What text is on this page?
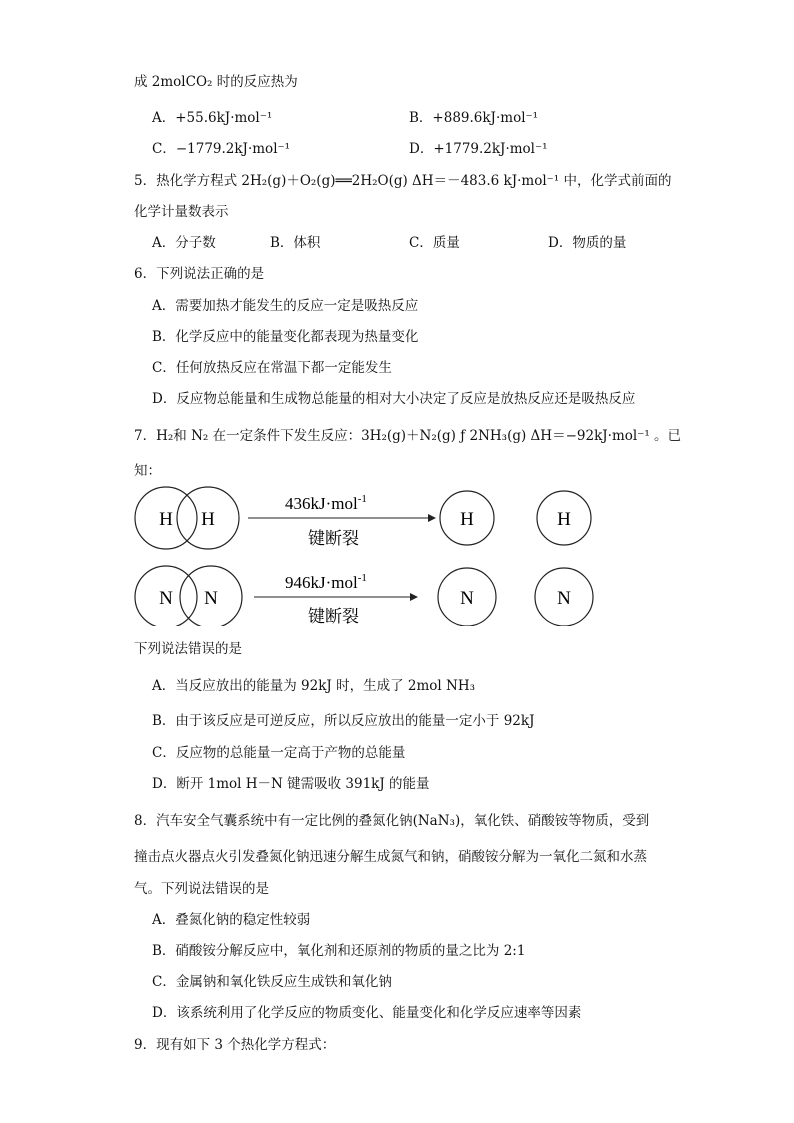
成 2molCO₂ 时的反应热为
A．+55.6kJ·mol⁻¹	B．+889.6kJ·mol⁻¹
C．−1779.2kJ·mol⁻¹	D．+1779.2kJ·mol⁻¹
5．热化学方程式 2H₂(g)＋O₂(g)══2H₂O(g) ΔH＝－483.6 kJ·mol⁻¹ 中，化学式前面的
化学计量数表示
A．分子数	B．体积	C．质量	D．物质的量
6．下列说法正确的是
A．需要加热才能发生的反应一定是吸热反应
B．化学反应中的能量变化都表现为热量变化
C．任何放热反应在常温下都一定能发生
D．反应物总能量和生成物总能量的相对大小决定了反应是放热反应还是吸热反应
7．H₂和 N₂ 在一定条件下发生反应：3H₂(g)＋N₂(g) ƒ 2NH₃(g) ΔH＝−92kJ·mol⁻¹ 。已
知：
H H
436kJ·mol$^{-1}$
键断裂
H	H
N N
946kJ·mol$^{-1}$
键断裂
N	N
下列说法错误的是
A．当反应放出的能量为 92kJ 时，生成了 2mol NH₃
B．由于该反应是可逆反应，所以反应放出的能量一定小于 92kJ
C．反应物的总能量一定高于产物的总能量
D．断开 1mol H－N 键需吸收 391kJ 的能量
8．汽车安全气囊系统中有一定比例的叠氮化钠(NaN₃)，氧化铁、硝酸铵等物质，受到
撞击点火器点火引发叠氮化钠迅速分解生成氮气和钠，硝酸铵分解为一氧化二氮和水蒸
气。下列说法错误的是
A．叠氮化钠的稳定性较弱
B．硝酸铵分解反应中，氧化剂和还原剂的物质的量之比为 2:1
C．金属钠和氧化铁反应生成铁和氧化钠
D．该系统利用了化学反应的物质变化、能量变化和化学反应速率等因素
9．现有如下 3 个热化学方程式：
